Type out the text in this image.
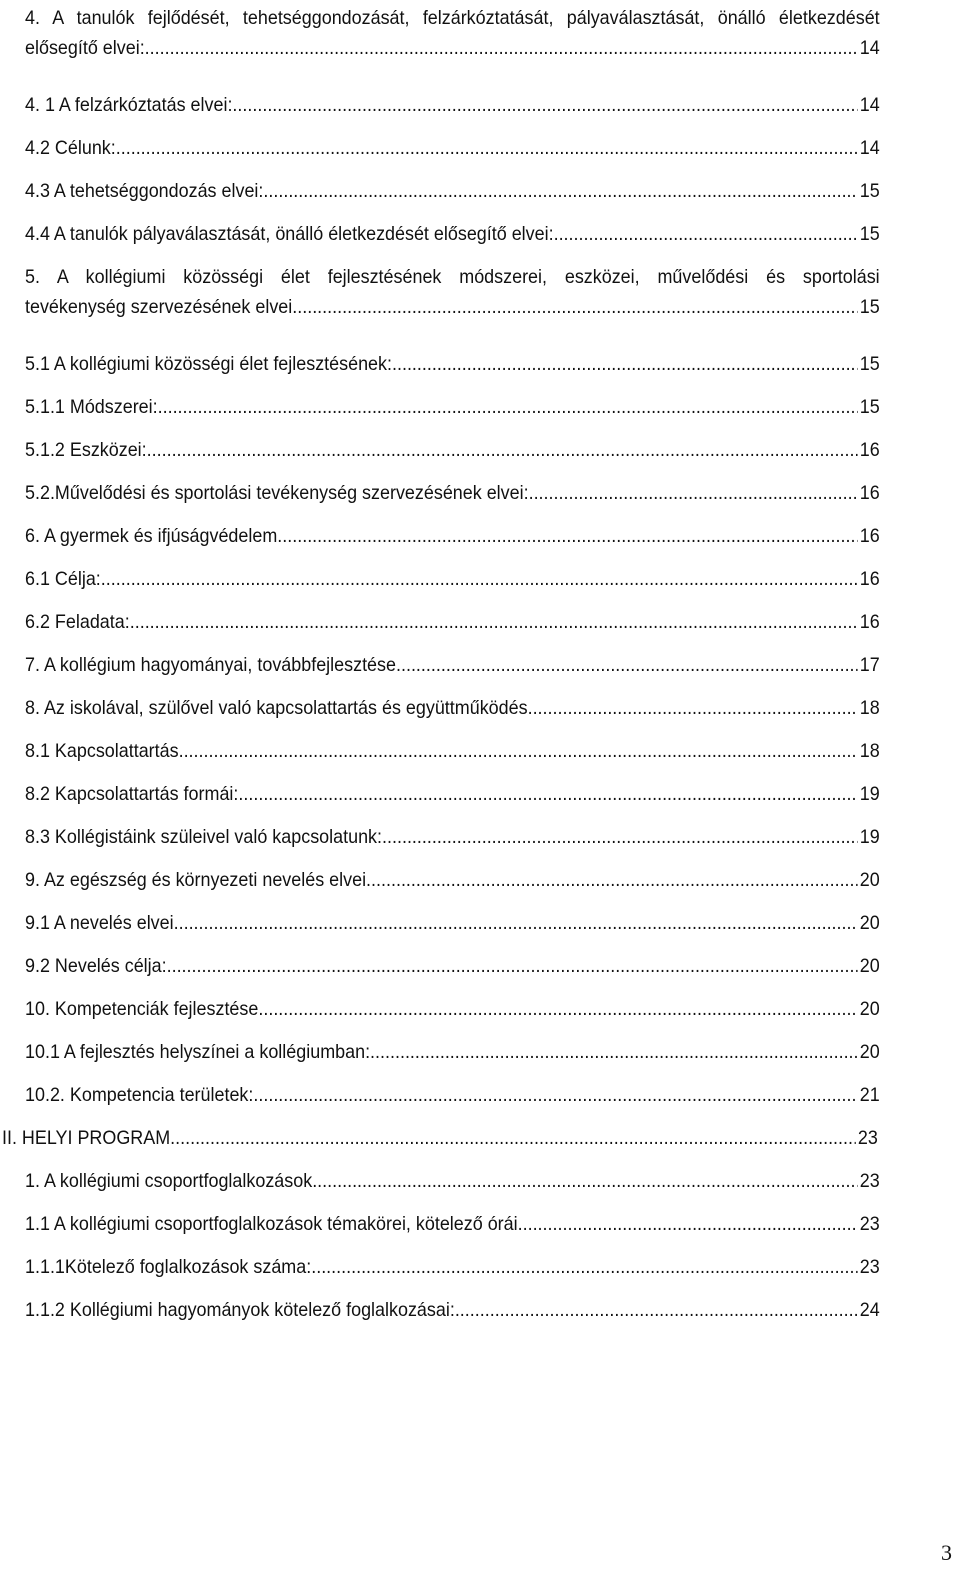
4. A tanulók fejlődését, tehetséggondozását, felzárkóztatását, pályaválasztását, önálló életkezdését
elősegítő elvei: .....	14
4. 1 A felzárkóztatás elvei: .....	14
4.2 Célunk: .....	14
4.3 A tehetséggondozás elvei: .....	15
4.4 A tanulók pályaválasztását, önálló életkezdését elősegítő elvei: .....	15
5. A kollégiumi közösségi élet fejlesztésének módszerei, eszközei, művelődési és sportolási
tevékenység szervezésének elvei .....	15
5.1 A kollégiumi közösségi élet fejlesztésének: .....	15
5.1.1 Módszerei: .....	15
5.1.2 Eszközei: .....	16
5.2.Művelődési és sportolási tevékenység szervezésének elvei: .....	16
6. A gyermek és ifjúságvédelem .....	16
6.1 Célja: .....	16
6.2 Feladata: .....	16
7. A kollégium hagyományai, továbbfejlesztése .....	17
8. Az iskolával, szülővel való kapcsolattartás és együttműködés .....	18
8.1 Kapcsolattartás .....	18
8.2 Kapcsolattartás formái: .....	19
8.3 Kollégistáink szüleivel való kapcsolatunk: .....	19
9. Az egészség és környezeti nevelés elvei .....	20
9.1 A nevelés elvei .....	20
9.2 Nevelés célja: .....	20
10. Kompetenciák fejlesztése .....	20
10.1 A fejlesztés helyszínei a kollégiumban: .....	20
10.2. Kompetencia területek: .....	21
II. HELYI PROGRAM .....	23
1. A kollégiumi csoportfoglalkozások .....	23
1.1 A kollégiumi csoportfoglalkozások témakörei, kötelező órái .....	23
1.1.1Kötelező foglalkozások száma: .....	23
1.1.2 Kollégiumi hagyományok kötelező foglalkozásai: .....	24
3
